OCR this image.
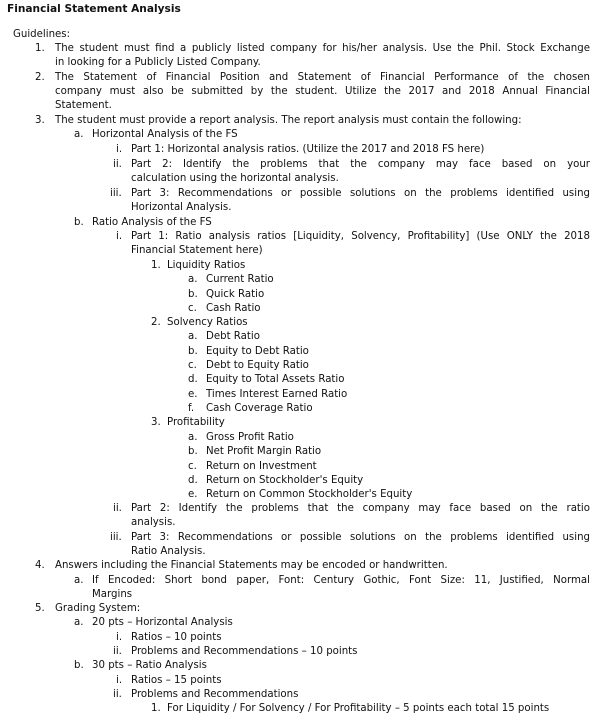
Financial Statement Analysis
Guidelines:
1. The student must find a publicly listed company for his/her analysis. Use the Phil. Stock Exchange
in looking for a Publicly Listed Company.
2. The Statement of Financial Position and Statement of Financial Performance of the chosen
company must also be submitted by the student. Utilize the 2017 and 2018 Annual Financial
Statement.
3. The student must provide a report analysis. The report analysis must contain the following:
a. Horizontal Analysis of the FS
i. Part 1: Horizontal analysis ratios. (Utilize the 2017 and 2018 FS here)
ii. Part 2: Identify the problems that the company may face based on your
calculation using the horizontal analysis.
iii. Part 3: Recommendations or possible solutions on the problems identified using
Horizontal Analysis.
b. Ratio Analysis of the FS
i. Part 1: Ratio analysis ratios [Liquidity, Solvency, Profitability] (Use ONLY the 2018
Financial Statement here)
1. Liquidity Ratios
a. Current Ratio
b. Quick Ratio
c. Cash Ratio
2. Solvency Ratios
a. Debt Ratio
b. Equity to Debt Ratio
c. Debt to Equity Ratio
d. Equity to Total Assets Ratio
e. Times Interest Earned Ratio
f. Cash Coverage Ratio
3. Profitability
a. Gross Profit Ratio
b. Net Profit Margin Ratio
c. Return on Investment
d. Return on Stockholder's Equity
e. Return on Common Stockholder's Equity
ii. Part 2: Identify the problems that the company may face based on the ratio
analysis.
iii. Part 3: Recommendations or possible solutions on the problems identified using
Ratio Analysis.
4. Answers including the Financial Statements may be encoded or handwritten.
a. If Encoded: Short bond paper, Font: Century Gothic, Font Size: 11, Justified, Normal
Margins
5. Grading System:
a. 20 pts – Horizontal Analysis
i. Ratios – 10 points
ii. Problems and Recommendations – 10 points
b. 30 pts – Ratio Analysis
i. Ratios – 15 points
ii. Problems and Recommendations
1. For Liquidity / For Solvency / For Profitability – 5 points each total 15 points
